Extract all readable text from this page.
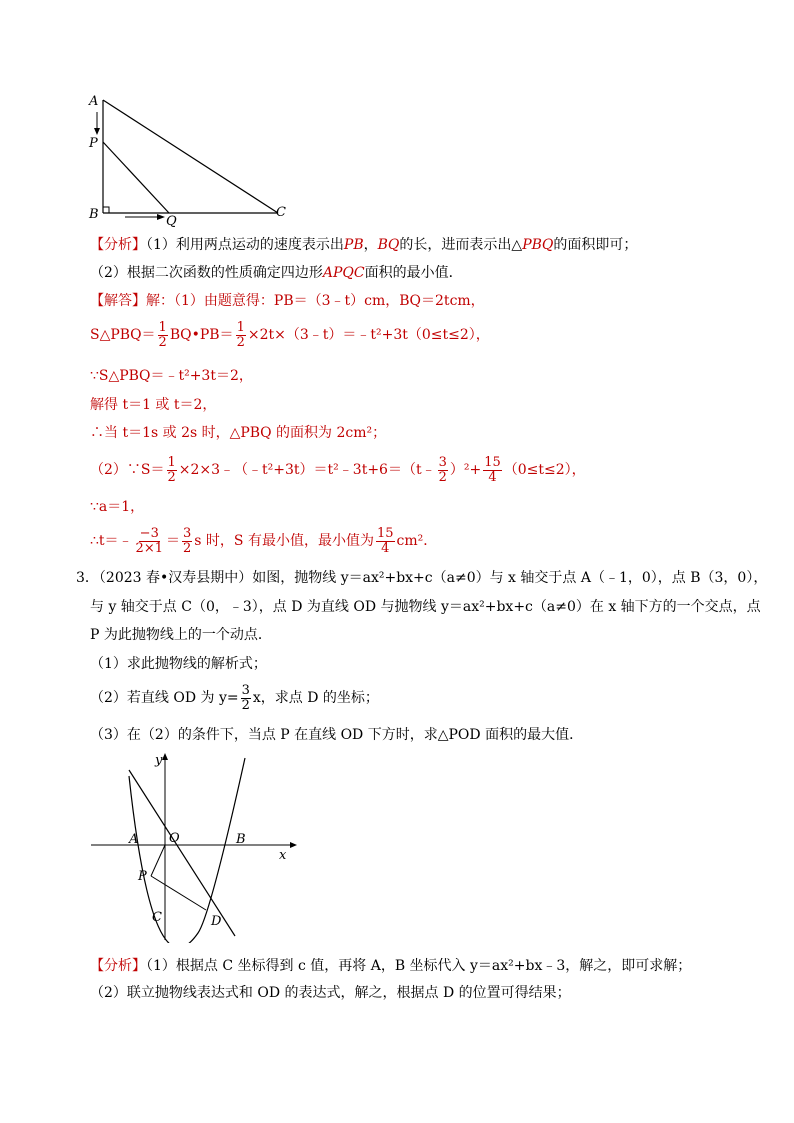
A
P
B	Q
C
【分析】（1）利用两点运动的速度表示出PB，BQ的长，进而表示出△PBQ的面积即可；
（2）根据二次函数的性质确定四边形APQC面积的最小值．
【解答】解：（1）由题意得：PB＝（3﹣t）cm，BQ＝2tcm，
S△PBQ＝ $\frac{1}{2}$ BQ•PB＝ $\frac{1}{2}$ ×2t×（3﹣t）＝﹣t²+3t（0≤t≤2），
∵S△PBQ＝﹣t²+3t＝2，
解得 t＝1 或 t＝2，
∴当 t＝1s 或 2s 时，△PBQ 的面积为 2cm²；
（2）∵S＝ $\frac{1}{2}$ ×2×3﹣（﹣t²+3t）＝t²﹣3t+6＝（t﹣ $\frac{3}{2} )^2+ \frac{15}{4} (0\le t\le 2)$，
∵a＝1，
∴t＝﹣ $\frac{-3}{2\times 1} = \frac{3}{2}$ s 时，S 有最小值，最小值为 $\frac{15}{4} cm^2$．
3．（2023 春•汉寿县期中）如图，抛物线 y＝ax²+bx+c（a≠0）与 x 轴交于点 A（﹣1，0），点 B（3，0），
与 y 轴交于点 C（0，﹣3），点 D 为直线 OD 与抛物线 y＝ax²+bx+c（a≠0）在 x 轴下方的一个交点，点
P 为此抛物线上的一个动点．
（1）求此抛物线的解析式；
（2）若直线 OD 为 $y= \frac{3}{2}$ x，求点 D 的坐标；
（3）在（2）的条件下，当点 P 在直线 OD 下方时，求△POD 面积的最大值．
y
x
A O	B
P
C	D
【分析】（1）根据点 C 坐标得到 c 值，再将 A，B 坐标代入 y＝ax²+bx﹣3，解之，即可求解；
（2）联立抛物线表达式和 OD 的表达式，解之，根据点 D 的位置可得结果；
